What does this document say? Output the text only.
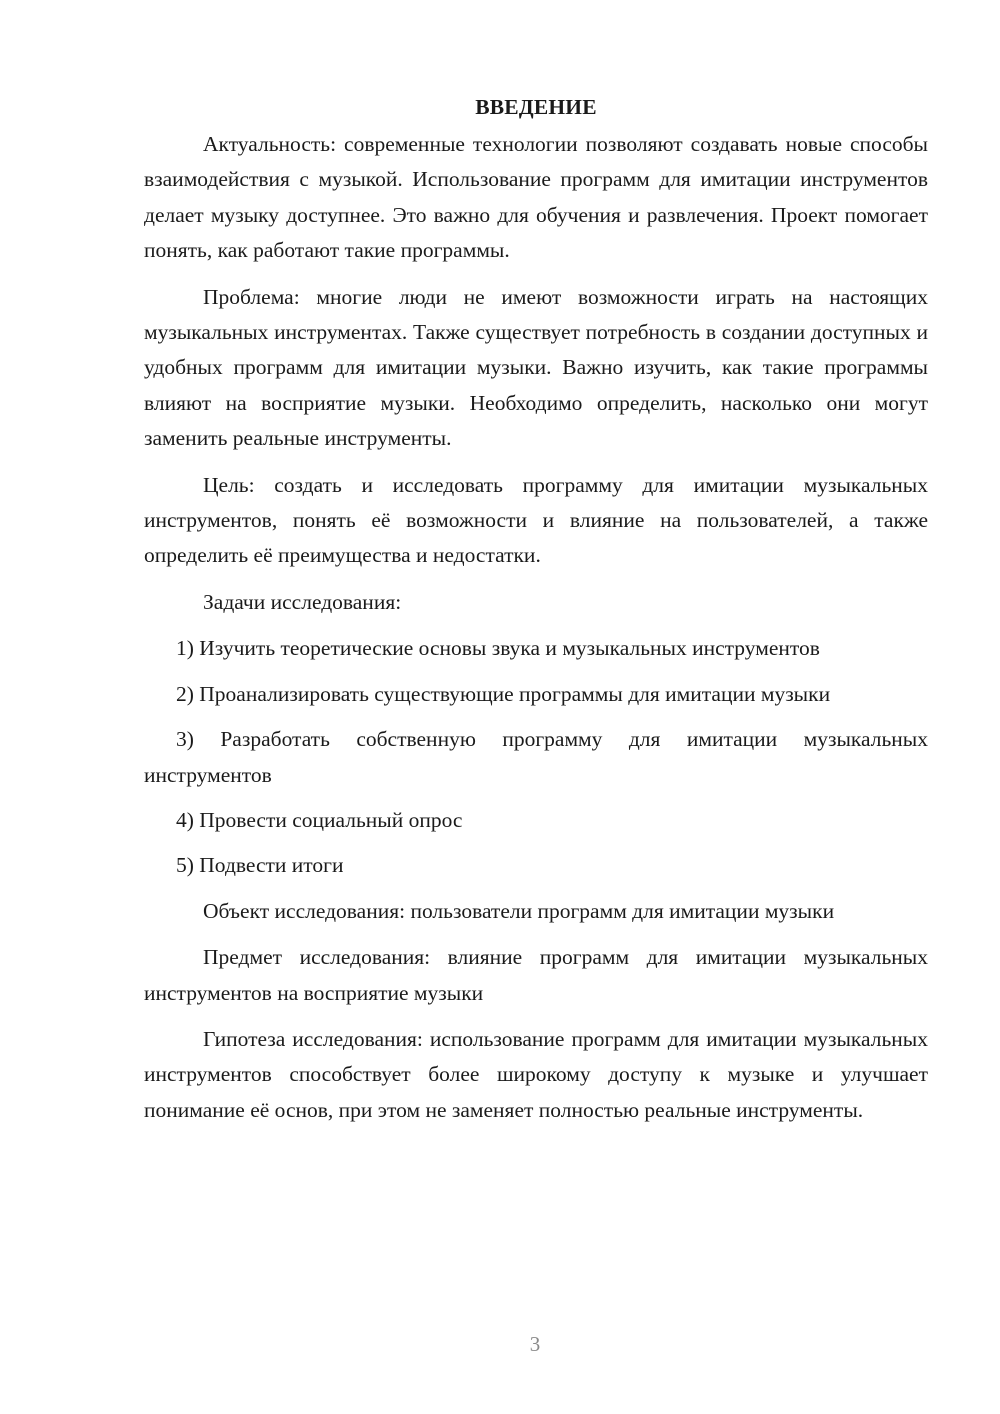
ВВЕДЕНИЕ

Актуальность: современные технологии позволяют создавать новые способы взаимодействия с музыкой. Использование программ для имитации инструментов делает музыку доступнее. Это важно для обучения и развлечения. Проект помогает понять, как работают такие программы.

Проблема: многие люди не имеют возможности играть на настоящих музыкальных инструментах. Также существует потребность в создании доступных и удобных программ для имитации музыки. Важно изучить, как такие программы влияют на восприятие музыки. Необходимо определить, насколько они могут заменить реальные инструменты.

Цель: создать и исследовать программу для имитации музыкальных инструментов, понять её возможности и влияние на пользователей, а также определить её преимущества и недостатки.

Задачи исследования:

1) Изучить теоретические основы звука и музыкальных инструментов

2) Проанализировать существующие программы для имитации музыки

3) Разработать собственную программу для имитации музыкальных инструментов

4) Провести социальный опрос

5) Подвести итоги

Объект исследования: пользователи программ для имитации музыки

Предмет исследования: влияние программ для имитации музыкальных инструментов на восприятие музыки

Гипотеза исследования: использование программ для имитации музыкальных инструментов способствует более широкому доступу к музыке и улучшает понимание её основ, при этом не заменяет полностью реальные инструменты.

3
